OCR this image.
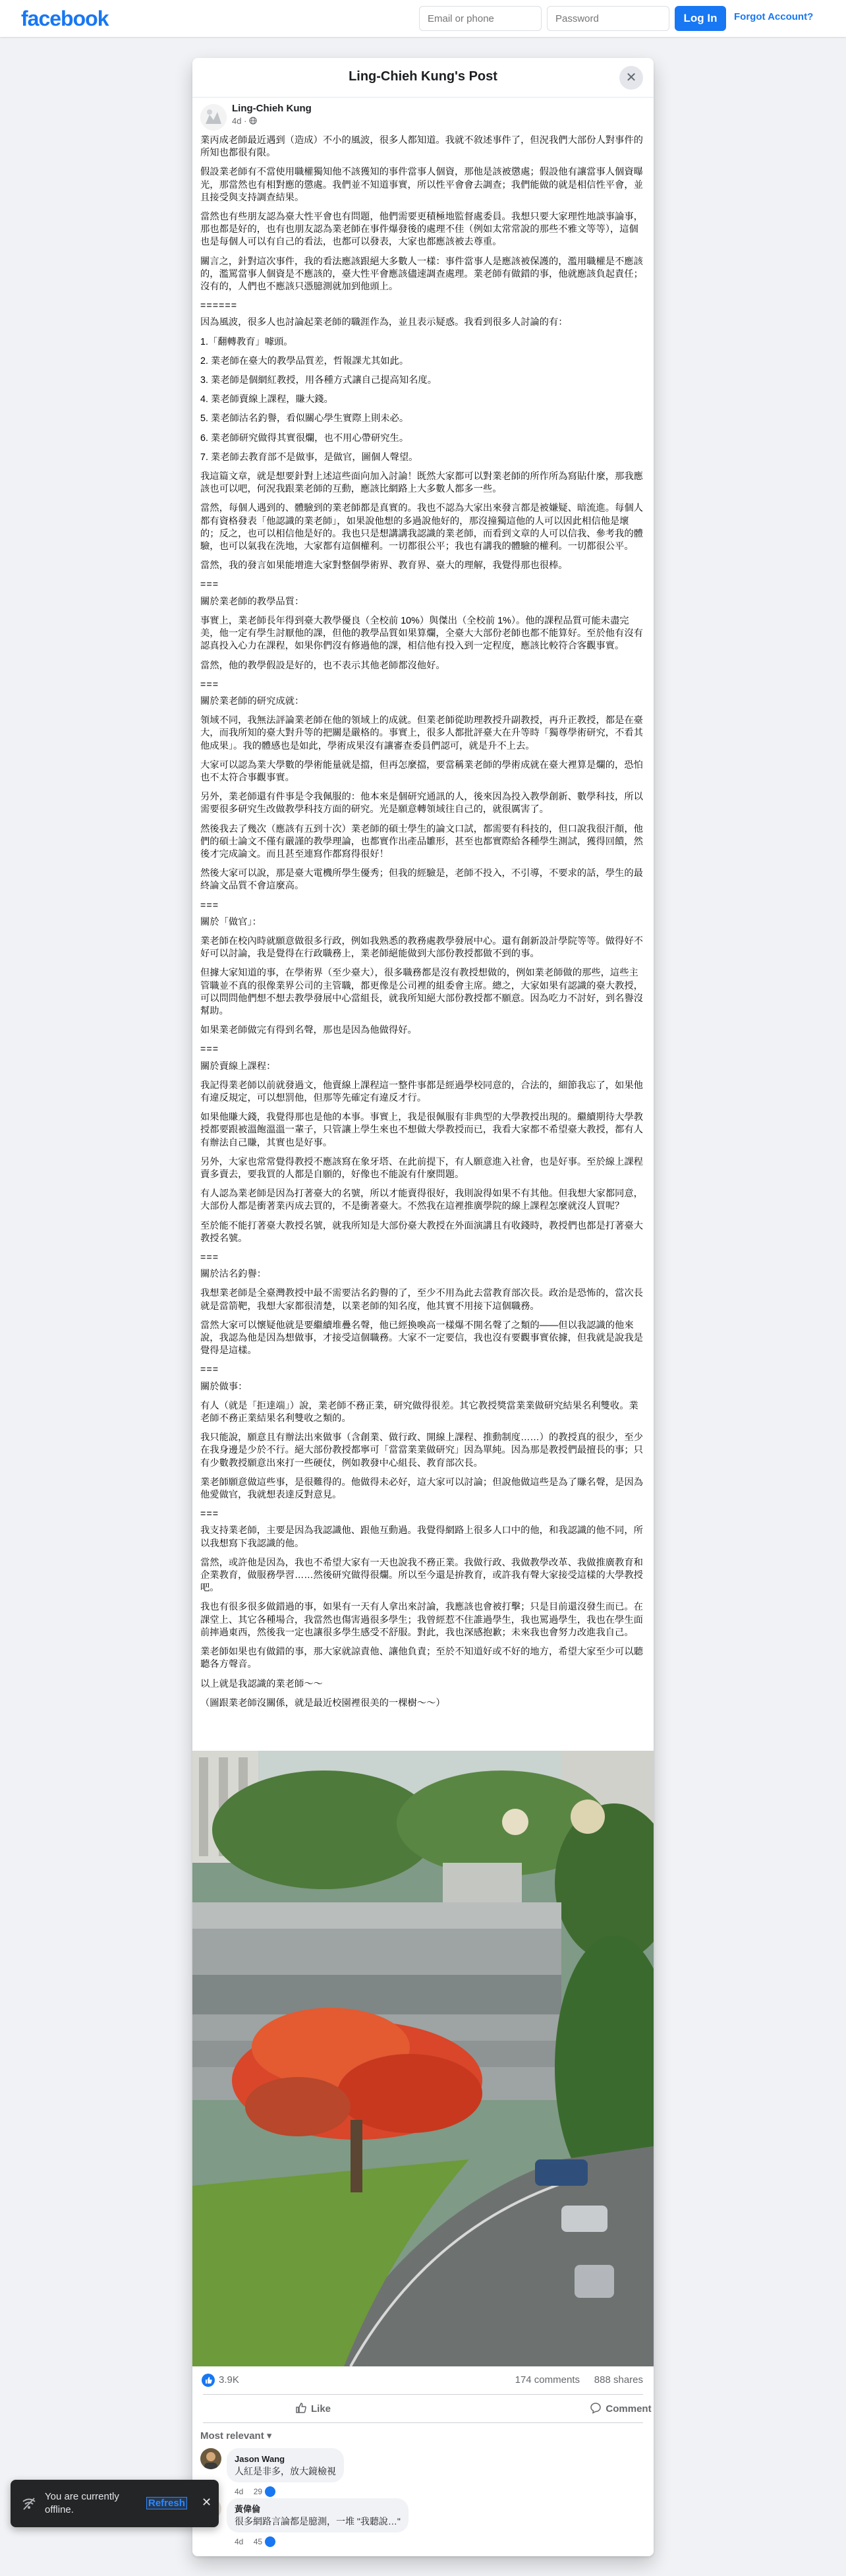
facebook
Email or phone	Log In	Forgot Account?
Ling-Chieh Kung's Post	✕
Ling-Chieh Kung
4d ·

業丙成老師最近遇到（造成）不小的風波，很多人都知道。我就不敘述事件了，但況我們大部份人對事件的所知也都很有限。

假設業老師有不當使用職權獨知他不該獲知的事件當事人個資，那他是該被懲處；假設他有讓當事人個資曝光，那當然也有相對應的懲處。我們並不知道事實，所以性平會會去調查；我們能做的就是相信性平會，並且接受與支持調查結果。

當然也有些朋友認為臺大性平會也有問題，他們需要更積極地監督處委員。我想只要大家理性地談事論事，那也都是好的，也有也朋友認為業老師在事件爆發後的處理不佳（例如太常常說的那些不雅文等等），這個也是每個人可以有自己的看法，也都可以發表，大家也都應該被去尊重。

關言之，針對這次事件，我的看法應該跟絕大多數人一樣：事件當事人是應該被保護的，濫用職權是不應該的，濫罵當事人個資是不應該的，臺大性平會應該儘速調查處理。業老師有做錯的事，他就應該負起責任；沒有的，人們也不應該只憑臆測就加到他頭上。

======

因為風波，很多人也討論起業老師的職涯作為，並且表示疑惑。我看到很多人討論的有：

1.「翻轉教育」噱頭。

2. 業老師在臺大的教學品質差，哲報課尤其如此。

3. 業老師是個網紅教授，用各種方式讓自己提高知名度。

4. 業老師賣線上課程，賺大錢。

5. 業老師沽名釣譽，看似關心學生實際上則未必。

6. 業老師研究做得其實很爛，也不用心帶研究生。

7. 業老師去教育部不是做事，是做官，圖個人聲望。

我這篇文章，就是想要針對上述這些面向加入討論！既然大家都可以對業老師的所作所為寫貼什麼，那我應該也可以吧，何況我跟業老師的互動，應該比網路上大多數人都多一些。

當然，每個人遇到的、體驗到的業老師都是真實的。我也不認為大家出來發言都是被嫌疑、暗流進。每個人都有資格發表「他認識的業老師」，如果說他想的多過說他好的，那沒撞獨這他的人可以因此相信他是壞的；反之，也可以相信他是好的。我也只是想講講我認識的業老師，而看到文章的人可以信我、參考我的體驗，也可以氣我在洗地，大家都有這個權利。一切都很公平；我也有講我的體驗的權利。一切都很公平。

當然，我的發言如果能增進大家對整個學術界、教育界、臺大的理解，我覺得那也很棒。

===

關於業老師的教學品質：

事實上，業老師長年得到臺大教學優良（全校前 10%）與傑出（全校前 1%）。他的課程品質可能未盡完美，他一定有學生討厭他的課，但他的教學品質如果算爛，全臺大大部份老師也都不能算好。至於他有沒有認真投入心力在課程，如果你們沒有修過他的課，相信他有投入到一定程度，應該比較符合客觀事實。

當然，他的教學假設是好的，也不表示其他老師都沒他好。

===

關於業老師的研究成就：

領域不同，我無法評論業老師在他的領域上的成就。但業老師從助理教授升副教授，再升正教授，都是在臺大，而我所知的臺大對升等的把關是嚴格的。事實上，很多人都批評臺大在升等時「獨尊學術研究，不看其他成果」。我的體感也是如此，學術成果沒有讓審查委員們認可，就是升不上去。

大家可以認為業大學數的學術能量就是擋，但再怎麼擋，要當稱業老師的學術成就在臺大裡算是爛的，恐怕也不太符合事觀事實。

另外，業老師還有件事是令我佩服的：他本來是個研究通訊的人，後來因為投入教學創新、數學科技，所以需要很多研究生改做教學科技方面的研究。光是願意轉領域往自己的，就很厲害了。

然後我去了幾次（應該有五到十次）業老師的碩士學生的論文口試，都需要有科技的，但口說我很汗顏，他們的碩士論文不僅有嚴謹的教學理論，也都實作出產品雛形，甚至也都實際給各種學生測試，獲得回饋，然後才完成論文。而且甚至連寫作都寫得很好！

然後大家可以說，那是臺大電機所學生優秀；但我的經驗是，老師不投入，不引導，不要求的話，學生的最終論文品質不會這麼高。

===

關於「做官」：

業老師在校內時就願意做很多行政，例如我熟悉的教務處教學發展中心。還有創新設計學院等等。做得好不好可以討論，我是覺得在行政職務上，業老師絕能做到大部份教授都做不到的事。

但據大家知道的事，在學術界（至少臺大），很多職務都是沒有教授想做的，例如業老師做的那些，這些主管職並不真的很像業界公司的主管職，都更像是公司裡的組委會主席。總之，大家如果有認識的臺大教授，可以問問他們想不想去教學發展中心當組長，就我所知絕大部份教授都不願意。因為吃力不討好，到名譽沒幫助。

如果業老師做完有得到名聲，那也是因為他做得好。

===

關於賣線上課程：

我記得業老師以前就發過文，他賣線上課程這一整件事都是經過學校同意的，合法的，細節我忘了，如果他有違反規定，可以想罰他，但那等先確定有違反才行。

如果他賺大錢，我覺得那也是他的本事。事實上，我是很佩服有非典型的大學教授出現的。繼續期待大學教授都要跟被溫飽溫溫一輩子，只管讓上學生來也不想做大學教授而已，我看大家都不希望臺大教授，都有人有辦法自己賺，其實也是好事。

另外，大家也常常覺得教授不應該寫在象牙塔、在此前提下，有人願意進入社會，也是好事。至於線上課程賣多賣去，要我買的人都是自願的，好像也不能說有什麼問題。

有人認為業老師是因為打著臺大的名號，所以才能賣得很好，我則說得如果不有其他。但我想大家都同意，大部份人都是衝著業丙成去買的，不是衝著臺大。不然我在這裡推廣學院的線上課程怎麼就沒人買呢？

至於能不能打著臺大教授名號，就我所知是大部份臺大教授在外面演講且有收錢時，教授們也都是打著臺大教授名號。

===

關於沽名釣譽：

我想業老師是全臺灣教授中最不需要沽名釣譽的了，至少不用為此去當教育部次長。政治是恐怖的，當次長就是當箭靶，我想大家都很清楚，以業老師的知名度，他其實不用接下這個職務。

當然大家可以懷疑他就是要繼續堆疊名聲，他已經換喚高一樣爆不開名聲了之類的——但以我認識的他來說，我認為他是因為想做事，才接受這個職務。大家不一定要信，我也沒有要觀事實依據，但我就是說我是覺得是這樣。

===

關於做事：

有人（就是「拒達端」）說，業老師不務正業，研究做得很差。其它教授獎當業業做研究結果名利雙收。業老師不務正業結果名利雙收之類的。

我只能說，願意且有辦法出來做事（含創業、做行政、開線上課程、推動制度……）的教授真的很少，至少在我身邊是少於不行。絕大部份教授都寧可「當當業業做研究」因為單純。因為那是教授們最擅長的事；只有少數教授願意出來打一些硬仗，例如教發中心組長、教育部次長。

業老師願意做這些事，是很難得的。他做得未必好，這大家可以討論；但說他做這些是為了賺名聲，是因為他愛做官，我就想表達反對意見。

===

我支持業老師，主要是因為我認識他、跟他互動過。我覺得網路上很多人口中的他，和我認識的他不同，所以我想寫下我認識的他。

當然，或許他是因為，我也不希望大家有一天也說我不務正業。我做行政、我做教學改革、我做推廣教育和企業教育，做服務學習……然後研究做得很爛。所以至今還是拚教育，或許我有聲大家接受這樣的大學教授吧。

我也有很多很多做錯過的事，如果有一天有人拿出來討論，我應該也會被打擊；只是目前還沒發生而已。在課堂上、其它各種場合，我當然也傷害過很多學生；我曾經惹不住誰過學生，我也罵過學生，我也在學生面前摔過東西，然後我一定也讓很多學生感受不舒服。對此，我也深感抱歉；未來我也會努力改進我自己。

業老師如果也有做錯的事，那大家就諒責他、讓他負責；至於不知道好或不好的地方，希望大家至少可以聽聽各方聲音。

以上就是我認識的業老師～～

（圖跟業老師沒關係，就是最近校園裡很美的一棵樹～～）

3.9K	174 comments 888 shares
Like	Comment
Most relevant ▾
Jason Wang
人紅是非多，放大鏡檢視
4d 29
黃偉倫
很多網路言論都是臆測，一堆 "我聽說…"
4d 45
You are currently offline.
Refresh ✕
